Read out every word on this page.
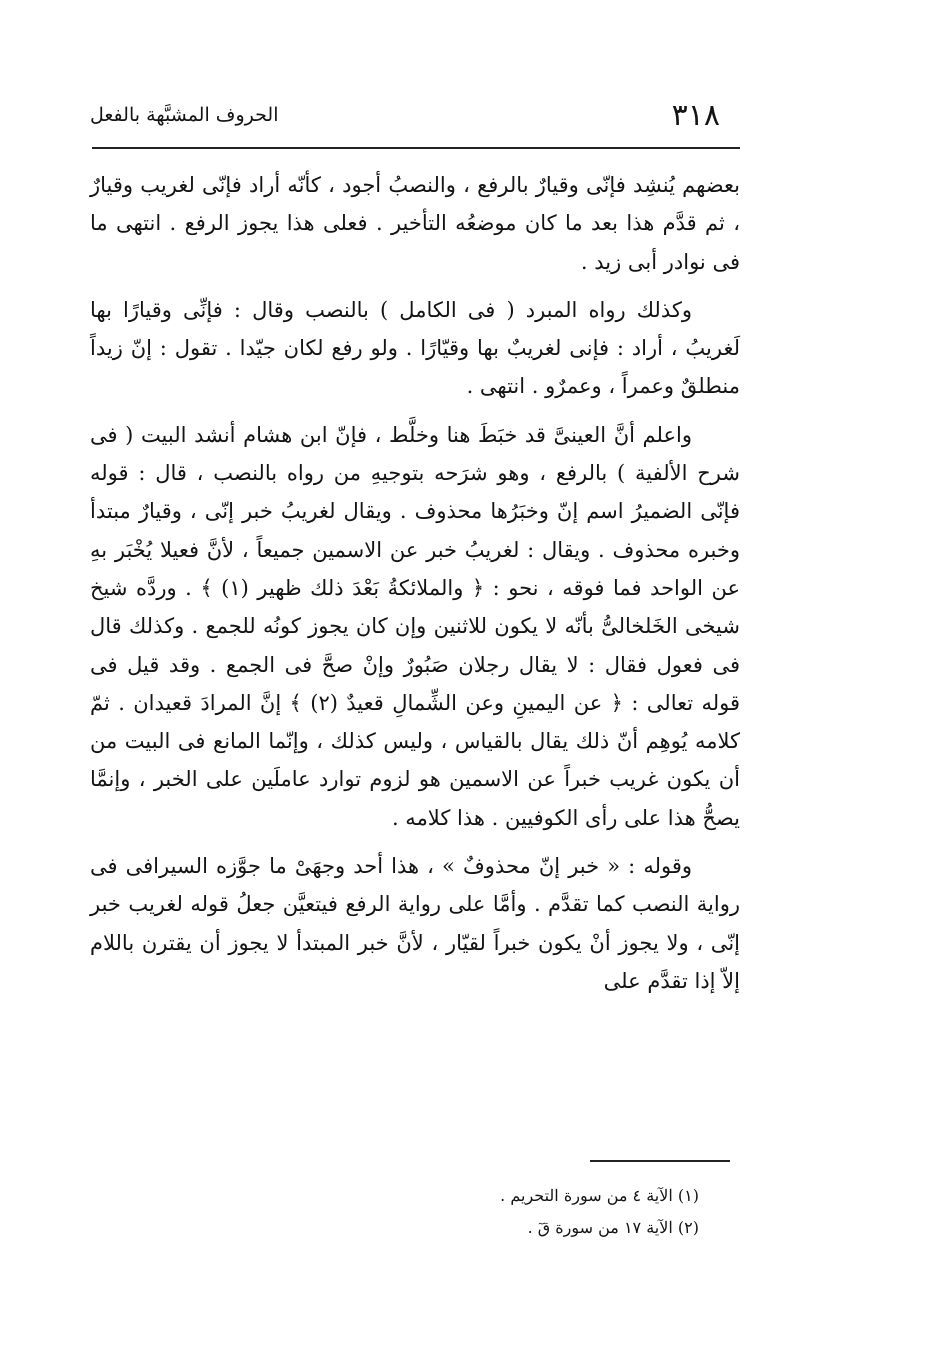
الحروف المشبَّهة بالفعل	٣١٨

بعضهم يُنشِد فإنّى وقيارٌ بالرفع ، والنصبُ أجود ، كأنّه أراد فإنّى لغريب وقيارٌ ، ثم قدَّم هذا بعد ما كان موضعُه التأخير . فعلى هذا يجوز الرفع . انتهى ما فى نوادر أبى زيد .

وكذلك رواه المبرد ( فى الكامل ) بالنصب وقال : فإنِّى وقيارًا بها لَغريبُ ، أراد : فإنى لغريبٌ بها وقيّارًا . ولو رفع لكان جيّدا . تقول : إنّ زيداً منطلقٌ وعمراً ، وعمرٌو . انتهى .

واعلم أنَّ العينىَّ قد خبَطَ هنا وخلَّط ، فإنّ ابن هشام أنشد البيت ( فى شرح الألفية ) بالرفع ، وهو شرَحه بتوجيهِ من رواه بالنصب ، قال : قوله فإنّى الضميرُ اسم إنّ وخبَرُها محذوف . ويقال لغريبُ خبر إنّى ، وقيارٌ مبتدأ وخبره محذوف . ويقال : لغريبُ خبر عن الاسمين جميعاً ، لأنَّ فعيلا يُخْبَر بهِ عن الواحد فما فوقه ، نحو : ﴿ والملائكةُ بَعْدَ ذلك ظهير (١) ﴾ . وردَّه شيخ شيخى الخَلخالىُّ بأنّه لا يكون للاثنين وإن كان يجوز كونُه للجمع . وكذلك قال فى فعول فقال : لا يقال رجلان صَبُورٌ وإنْ صحَّ فى الجمع . وقد قيل فى قوله تعالى : ﴿ عن اليمينِ وعن الشِّمالِ قعيدٌ (٢) ﴾ إنَّ المرادَ قعيدان . ثمّ كلامه يُوهِم أنّ ذلك يقال بالقياس ، وليس كذلك ، وإنّما المانع فى البيت من أن يكون غريب خبراً عن الاسمين هو لزوم توارد عاملَين على الخبر ، وإنمَّا يصحُّ هذا على رأى الكوفيين . هذا كلامه .

وقوله : « خبر إنّ محذوفٌ » ، هذا أحد وجهَىْ ما جوَّزه السيرافى فى رواية النصب كما تقدَّم . وأمَّا على رواية الرفع فيتعيَّن جعلُ قوله لغريب خبر إنّى ، ولا يجوز أنْ يكون خبراً لقيّار ، لأنَّ خبر المبتدأ لا يجوز أن يقترن باللام إلاّ إذا تقدَّم على

(١) الآية ٤ من سورة التحريم .
(٢) الآية ١٧ من سورة قٓ .
